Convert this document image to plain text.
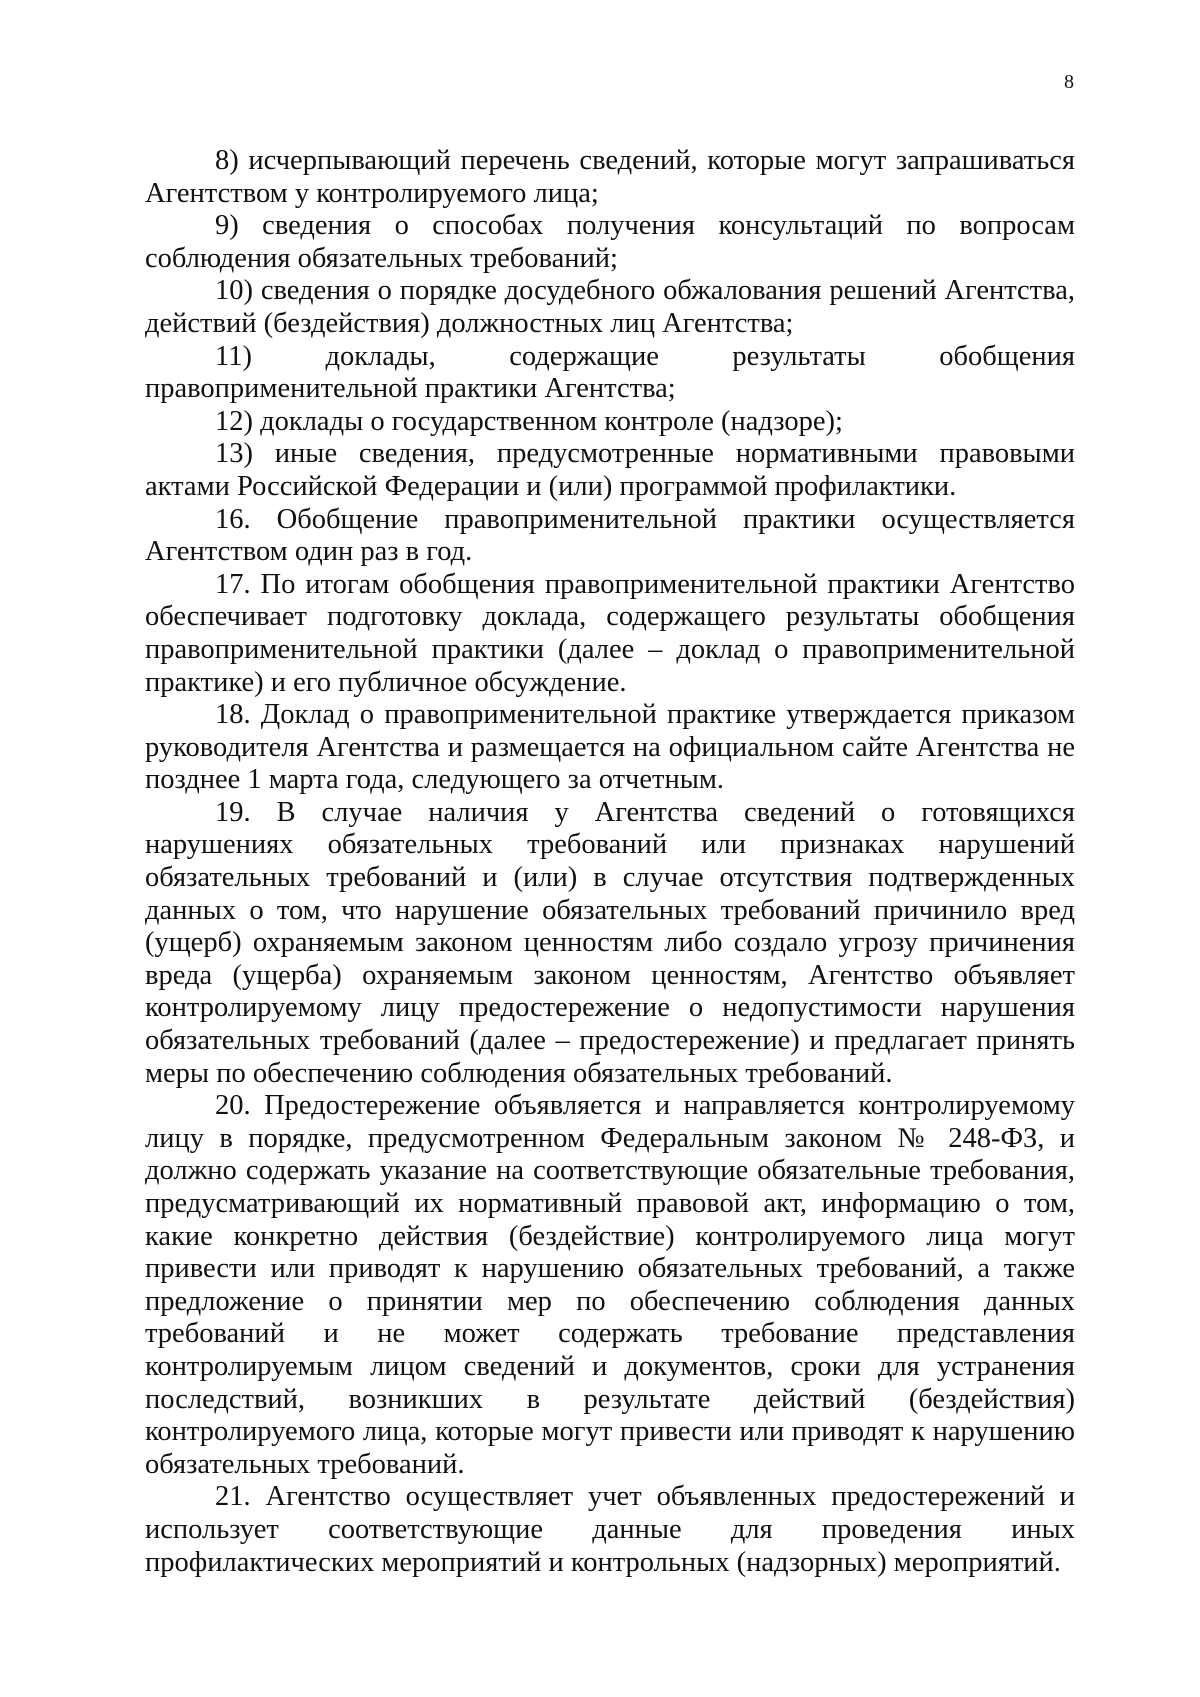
8

8) исчерпывающий перечень сведений, которые могут запрашиваться Агентством у контролируемого лица;

9) сведения о способах получения консультаций по вопросам соблюдения обязательных требований;

10) сведения о порядке досудебного обжалования решений Агентства, действий (бездействия) должностных лиц Агентства;

11) доклады, содержащие результаты обобщения правоприменительной практики Агентства;

12) доклады о государственном контроле (надзоре);

13) иные сведения, предусмотренные нормативными правовыми актами Российской Федерации и (или) программой профилактики.

16. Обобщение правоприменительной практики осуществляется Агентством один раз в год.

17. По итогам обобщения правоприменительной практики Агентство обеспечивает подготовку доклада, содержащего результаты обобщения правоприменительной практики (далее – доклад о правоприменительной практике) и его публичное обсуждение.

18. Доклад о правоприменительной практике утверждается приказом руководителя Агентства и размещается на официальном сайте Агентства не позднее 1 марта года, следующего за отчетным.

19. В случае наличия у Агентства сведений о готовящихся нарушениях обязательных требований или признаках нарушений обязательных требований и (или) в случае отсутствия подтвержденных данных о том, что нарушение обязательных требований причинило вред (ущерб) охраняемым законом ценностям либо создало угрозу причинения вреда (ущерба) охраняемым законом ценностям, Агентство объявляет контролируемому лицу предостережение о недопустимости нарушения обязательных требований (далее – предостережение) и предлагает принять меры по обеспечению соблюдения обязательных требований.

20. Предостережение объявляется и направляется контролируемому лицу в порядке, предусмотренном Федеральным законом № 248-ФЗ, и должно содержать указание на соответствующие обязательные требования, предусматривающий их нормативный правовой акт, информацию о том, какие конкретно действия (бездействие) контролируемого лица могут привести или приводят к нарушению обязательных требований, а также предложение о принятии мер по обеспечению соблюдения данных требований и не может содержать требование представления контролируемым лицом сведений и документов, сроки для устранения последствий, возникших в результате действий (бездействия) контролируемого лица, которые могут привести или приводят к нарушению обязательных требований.

21. Агентство осуществляет учет объявленных предостережений и использует соответствующие данные для проведения иных профилактических мероприятий и контрольных (надзорных) мероприятий.
